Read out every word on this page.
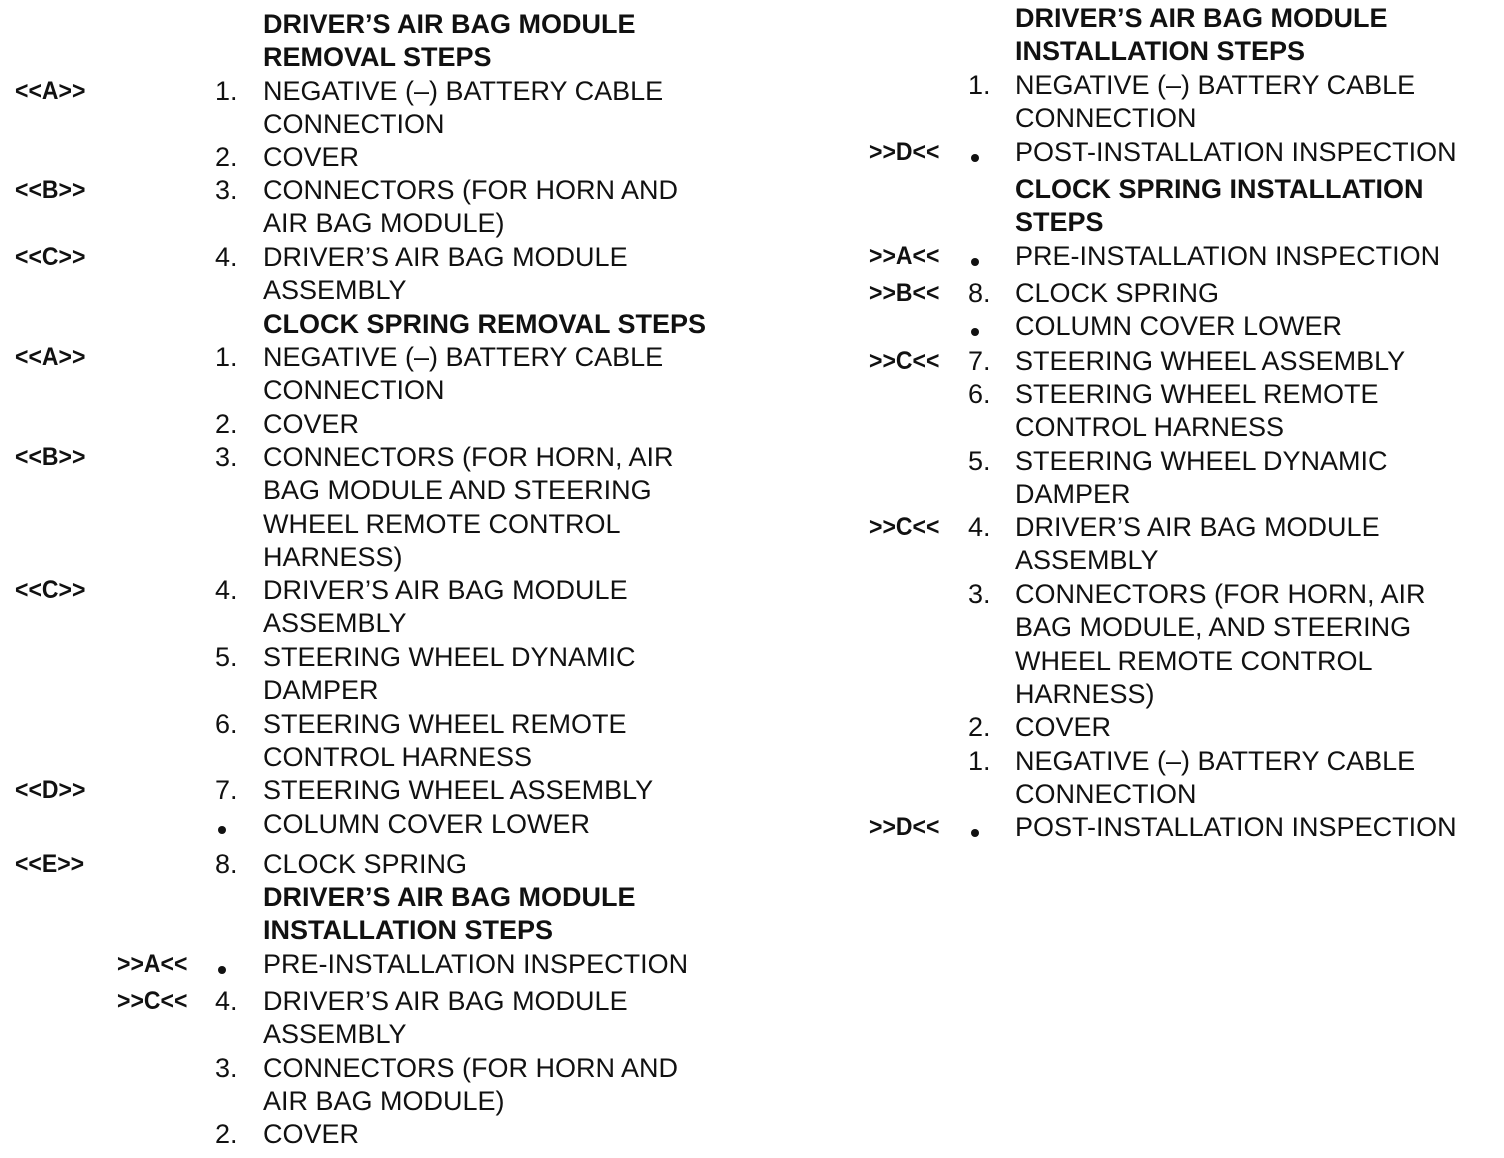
DRIVER’S AIR BAG MODULE
REMOVAL STEPS
<<A>>	1. NEGATIVE (–) BATTERY CABLE
CONNECTION
2. COVER
<<B>>	3. CONNECTORS (FOR HORN AND
AIR BAG MODULE)
<<C>>	4. DRIVER’S AIR BAG MODULE
ASSEMBLY
CLOCK SPRING REMOVAL STEPS
<<A>>	1. NEGATIVE (–) BATTERY CABLE
CONNECTION
2. COVER
<<B>>	3. CONNECTORS (FOR HORN, AIR
BAG MODULE AND STEERING
WHEEL REMOTE CONTROL
HARNESS)
<<C>>	4. DRIVER’S AIR BAG MODULE
ASSEMBLY
5. STEERING WHEEL DYNAMIC
DAMPER
6. STEERING WHEEL REMOTE
CONTROL HARNESS
<<D>>	7. STEERING WHEEL ASSEMBLY
COLUMN COVER LOWER
<<E>>	8. CLOCK SPRING
DRIVER’S AIR BAG MODULE
INSTALLATION STEPS
>>A<<	PRE-INSTALLATION INSPECTION
>>C<< 4. DRIVER’S AIR BAG MODULE
ASSEMBLY
3. CONNECTORS (FOR HORN AND
AIR BAG MODULE)
2. COVER
DRIVER’S AIR BAG MODULE
INSTALLATION STEPS
1. NEGATIVE (–) BATTERY CABLE
CONNECTION
>>D<<	POST-INSTALLATION INSPECTION
CLOCK SPRING INSTALLATION
STEPS
>>A<<	PRE-INSTALLATION INSPECTION
>>B<< 8. CLOCK SPRING
COLUMN COVER LOWER
>>C<< 7. STEERING WHEEL ASSEMBLY
6. STEERING WHEEL REMOTE
CONTROL HARNESS
5. STEERING WHEEL DYNAMIC
DAMPER
>>C<< 4. DRIVER’S AIR BAG MODULE
ASSEMBLY
3. CONNECTORS (FOR HORN, AIR
BAG MODULE, AND STEERING
WHEEL REMOTE CONTROL
HARNESS)
2. COVER
1. NEGATIVE (–) BATTERY CABLE
CONNECTION
>>D<<	POST-INSTALLATION INSPECTION
